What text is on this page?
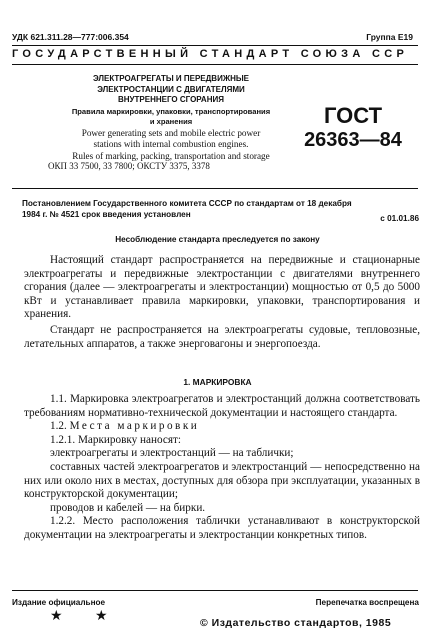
УДК 621.311.28—777:006.354	Группа Е19
ГОСУДАРСТВЕННЫЙ СТАНДАРТ СОЮЗА ССР
ЭЛЕКТРОАГРЕГАТЫ И ПЕРЕДВИЖНЫЕ
ЭЛЕКТРОСТАНЦИИ С ДВИГАТЕЛЯМИ
ВНУТРЕННЕГО СГОРАНИЯ
Правила маркировки, упаковки, транспортирования
и хранения
Power generating sets and mobile electric power
stations with internal combustion engines.
Rules of marking, packing, transportation and storage
ОКП 33 7500, 33 7800; ОКСТУ 3375, 3378
ГОСТ
26363—84
Постановлением Государственного комитета СССР по стандартам от 18 декабря
1984 г. № 4521 срок введения установлен	с 01.01.86
Несоблюдение стандарта преследуется по закону

Настоящий стандарт распространяется на передвижные и стационарные электроагрегаты и передвижные электростанции с двигателями внутреннего сгорания (далее — электроагрегаты и электростанции) мощностью от 0,5 до 5000 кВт и устанавливает правила маркировки, упаковки, транспортирования и хранения.

Стандарт не распространяется на электроагрегаты судовые, тепловозные, летательных аппаратов, а также энерговагоны и энергопоезда.

1. МАРКИРОВКА

1.1. Маркировка электроагрегатов и электростанций должна соответствовать требованиям нормативно-технической документации и настоящего стандарта.

1.2. Места маркировки

1.2.1. Маркировку наносят:

электроагрегаты и электростанций — на таблички;

составных частей электроагрегатов и электростанций — непосредственно на них или около них в местах, доступных для обзора при эксплуатации, указанных в конструкторской документации;

проводов и кабелей — на бирки.

1.2.2. Место расположения таблички устанавливают в конструкторской документации на электроагрегаты и электростанции конкретных типов.

Издание официальное	Перепечатка воспрещена
★ ★	© Издательство стандартов, 1985
